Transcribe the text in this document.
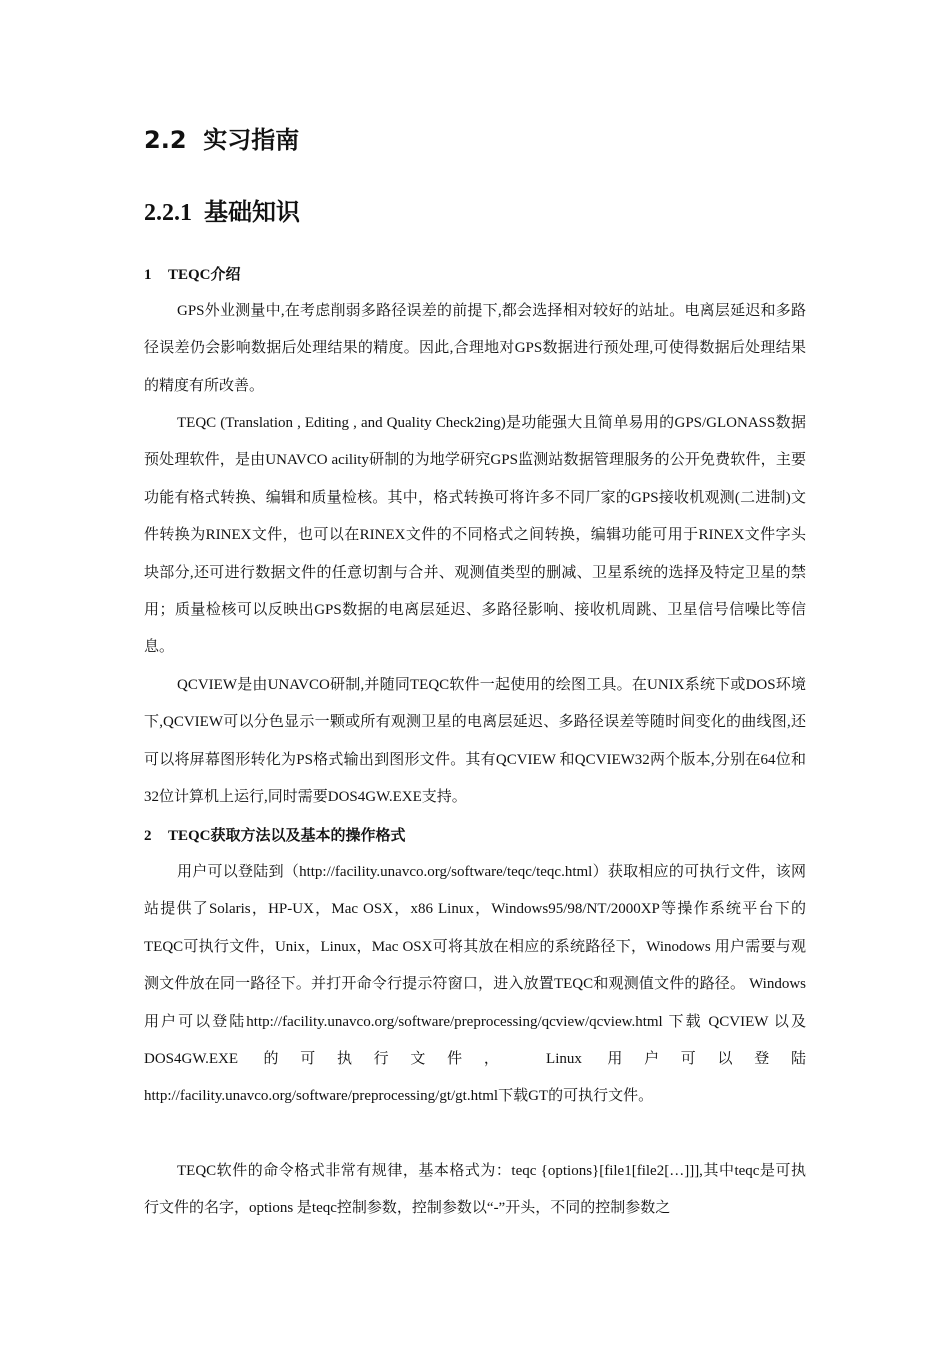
2.2 实习指南
2.2.1 基础知识
1 TEQC介绍

GPS外业测量中,在考虑削弱多路径误差的前提下,都会选择相对较好的站址。电离层延迟和多路径误差仍会影响数据后处理结果的精度。因此,合理地对GPS数据进行预处理,可使得数据后处理结果的精度有所改善。

TEQC (Translation , Editing , and Quality Check2ing)是功能强大且简单易用的GPS/GLONASS数据预处理软件，是由UNAVCO acility研制的为地学研究GPS监测站数据管理服务的公开免费软件，主要功能有格式转换、编辑和质量检核。其中，格式转换可将许多不同厂家的GPS接收机观测(二进制)文件转换为RINEX文件，也可以在RINEX文件的不同格式之间转换，编辑功能可用于RINEX文件字头块部分,还可进行数据文件的任意切割与合并、观测值类型的删减、卫星系统的选择及特定卫星的禁用；质量检核可以反映出GPS数据的电离层延迟、多路径影响、接收机周跳、卫星信号信噪比等信息。

QCVIEW是由UNAVCO研制,并随同TEQC软件一起使用的绘图工具。在UNIX系统下或DOS环境下,QCVIEW可以分色显示一颗或所有观测卫星的电离层延迟、多路径误差等随时间变化的曲线图,还可以将屏幕图形转化为PS格式输出到图形文件。其有QCVIEW 和QCVIEW32两个版本,分别在64位和32位计算机上运行,同时需要DOS4GW.EXE支持。

2 TEQC获取方法以及基本的操作格式

用户可以登陆到（http://facility.unavco.org/software/teqc/teqc.html）获取相应的可执行文件，该网站提供了Solaris，HP-UX，Mac OSX，x86 Linux，Windows95/98/NT/2000XP等操作系统平台下的TEQC可执行文件，Unix，Linux，Mac OSX可将其放在相应的系统路径下，Winodows 用户需要与观测文件放在同一路径下。并打开命令行提示符窗口，进入放置TEQC和观测值文件的路径。 Windows 用户可以登陆http://facility.unavco.org/software/preprocessing/qcview/qcview.html 下载 QCVIEW 以及DOS4GW.EXE 的可执行文件， Linux 用户可以登陆http://facility.unavco.org/software/preprocessing/gt/gt.html下载GT的可执行文件。

TEQC软件的命令格式非常有规律，基本格式为：teqc {options}[file1[file2[…]]],其中teqc是可执行文件的名字，options 是teqc控制参数，控制参数以“-”开头，不同的控制参数之
